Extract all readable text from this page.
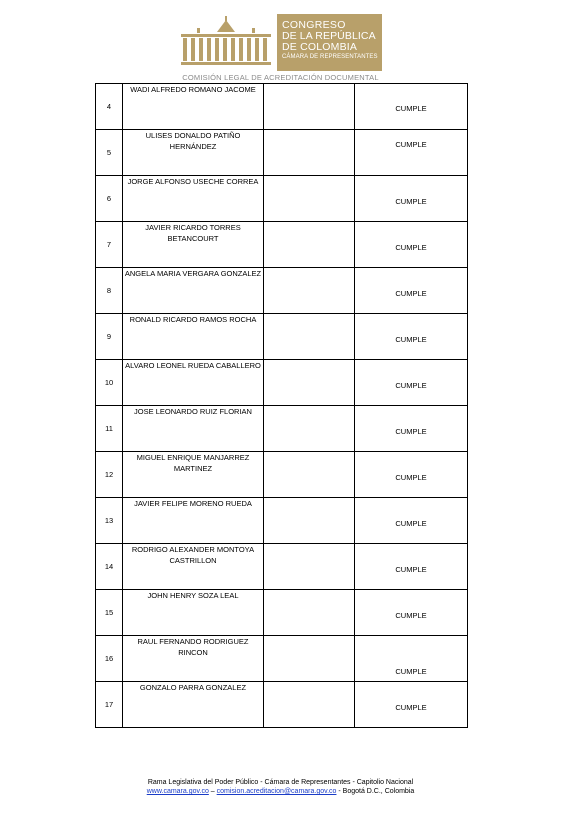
CONGRESO
DE LA REPÚBLICA
DE COLOMBIA
CÁMARA DE REPRESENTANTES
COMISIÓN LEGAL DE ACREDITACIÓN DOCUMENTAL
4	WADI ALFREDO ROMANO JACOME		CUMPLE

5	ULISES DONALDO PATIÑO HERNÁNDEZ		CUMPLE

6	JORGE ALFONSO USECHE CORREA		CUMPLE

7	JAVIER RICARDO TORRES BETANCOURT		CUMPLE

8	ANGELA MARIA VERGARA GONZALEZ		CUMPLE

9	RONALD RICARDO RAMOS ROCHA		CUMPLE

10	ALVARO LEONEL RUEDA CABALLERO		CUMPLE

11	JOSE LEONARDO RUIZ FLORIAN		CUMPLE

12	MIGUEL ENRIQUE MANJARREZ MARTINEZ		CUMPLE

13	JAVIER FELIPE MORENO RUEDA		CUMPLE

14	RODRIGO ALEXANDER MONTOYA CASTRILLON		CUMPLE

15	JOHN HENRY SOZA LEAL		CUMPLE

16	RAUL FERNANDO RODRIGUEZ RINCON		CUMPLE

17	GONZALO PARRA GONZALEZ		CUMPLE
Rama Legislativa del Poder Público - Cámara de Representantes - Capitolio Nacional
www.camara.gov.co – comision.acreditacion@camara.gov.co - Bogotá D.C., Colombia
